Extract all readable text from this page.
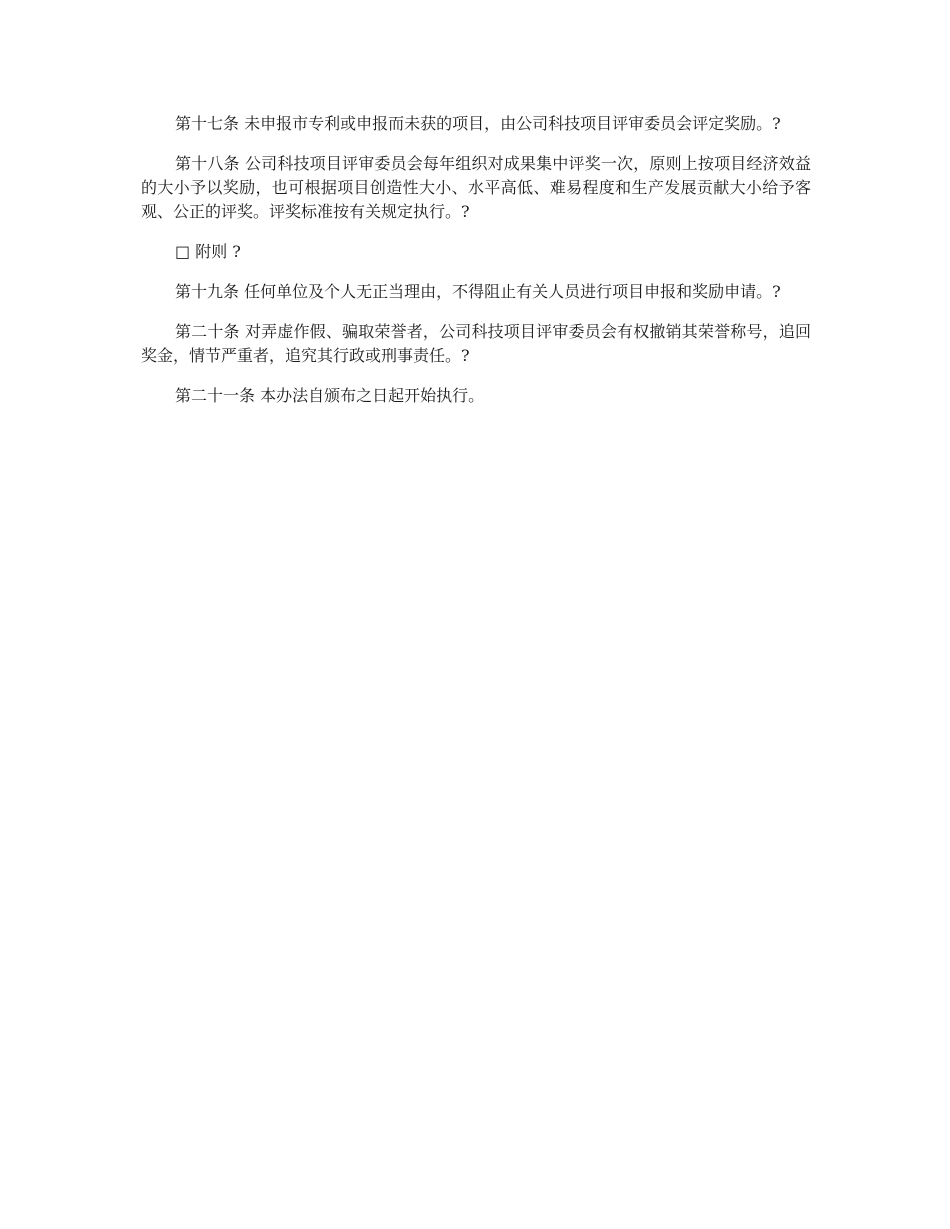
第十七条 未申报市专利或申报而未获的项目，由公司科技项目评审委员会评定奖励。?

第十八条 公司科技项目评审委员会每年组织对成果集中评奖一次，原则上按项目经济效益的大小予以奖励，也可根据项目创造性大小、水平高低、难易程度和生产发展贡献大小给予客观、公正的评奖。评奖标准按有关规定执行。?

□ 附则 ?

第十九条 任何单位及个人无正当理由，不得阻止有关人员进行项目申报和奖励申请。?

第二十条 对弄虚作假、骗取荣誉者，公司科技项目评审委员会有权撤销其荣誉称号，追回奖金，情节严重者，追究其行政或刑事责任。?

第二十一条 本办法自颁布之日起开始执行。
